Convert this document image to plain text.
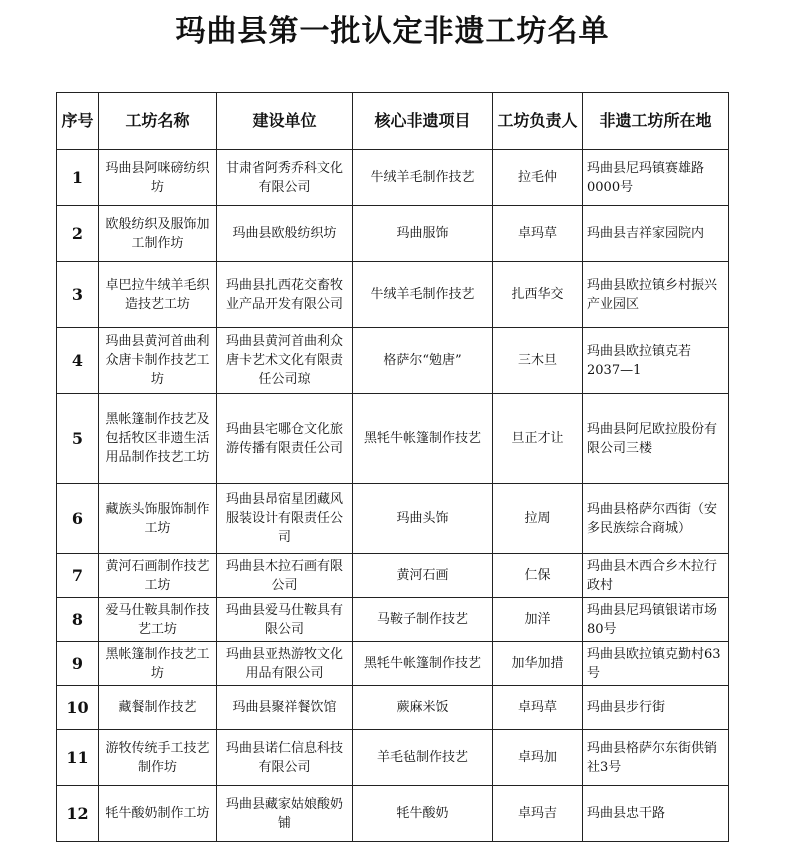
玛曲县第一批认定非遗工坊名单
序号	工坊名称	建设单位	核心非遗项目	工坊负责人	非遗工坊所在地
1	玛曲县阿咪磅纺织坊	甘肃省阿秀乔科文化有限公司	牛绒羊毛制作技艺	拉毛仲	玛曲县尼玛镇赛雄路0000号
2	欧般纺织及服饰加工制作坊	玛曲县欧般纺织坊	玛曲服饰	卓玛草	玛曲县吉祥家园院内
3	卓巴拉牛绒羊毛织造技艺工坊	玛曲县扎西花交畜牧业产品开发有限公司	牛绒羊毛制作技艺	扎西华交	玛曲县欧拉镇乡村振兴产业园区
4	玛曲县黄河首曲利众唐卡制作技艺工坊	玛曲县黄河首曲利众唐卡艺术文化有限责任公司琼	格萨尔“勉唐”	三木旦	玛曲县欧拉镇克若2037—1
5	黑帐篷制作技艺及包括牧区非遗生活用品制作技艺工坊	玛曲县宅哪仓文化旅游传播有限责任公司	黑牦牛帐篷制作技艺	旦正才让	玛曲县阿尼欧拉股份有限公司三楼
6	藏族头饰服饰制作工坊	玛曲县昂宿星团藏风服装设计有限责任公司	玛曲头饰	拉周	玛曲县格萨尔西街（安多民族综合商城）
7	黄河石画制作技艺工坊	玛曲县木拉石画有限公司	黄河石画	仁保	玛曲县木西合乡木拉行政村
8	爱马仕鞍具制作技艺工坊	玛曲县爱马仕鞍具有限公司	马鞍子制作技艺	加洋	玛曲县尼玛镇银诺市场80号
9	黑帐篷制作技艺工坊	玛曲县亚热游牧文化用品有限公司	黑牦牛帐篷制作技艺	加华加措	玛曲县欧拉镇克勤村63号
10	藏餐制作技艺	玛曲县聚祥餐饮馆	蕨麻米饭	卓玛草	玛曲县步行街
11	游牧传统手工技艺制作坊	玛曲县诺仁信息科技有限公司	羊毛毡制作技艺	卓玛加	玛曲县格萨尔东街供销社3号
12	牦牛酸奶制作工坊	玛曲县藏家姑娘酸奶铺	牦牛酸奶	卓玛吉	玛曲县忠干路
